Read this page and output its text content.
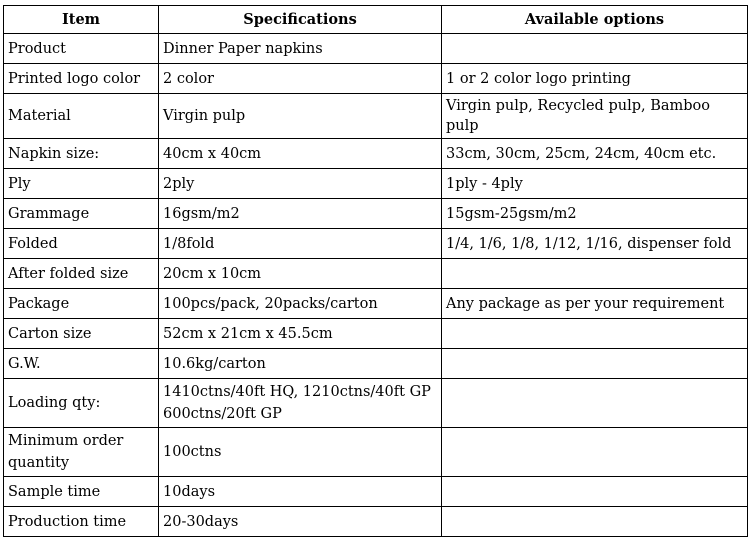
Item	Specifications	Available options
Product	Dinner Paper napkins	
Printed logo color	2 color	1 or 2 color logo printing
Material	Virgin pulp	Virgin pulp, Recycled pulp, Bamboo pulp
Napkin size:	40cm x 40cm	33cm, 30cm, 25cm, 24cm, 40cm etc.
Ply	2ply	1ply - 4ply
Grammage	16gsm/m2	15gsm-25gsm/m2
Folded	1/8fold	1/4, 1/6, 1/8, 1/12, 1/16, dispenser fold
After folded size	20cm x 10cm	
Package	100pcs/pack, 20packs/carton	Any package as per your requirement
Carton size	52cm x 21cm x 45.5cm	
G.W.	10.6kg/carton	
Loading qty:	1410ctns/40ft HQ, 1210ctns/40ft GP
600ctns/20ft GP	

Minimum order quantity	100ctns	
Sample time	10days	
Production time	20-30days	
